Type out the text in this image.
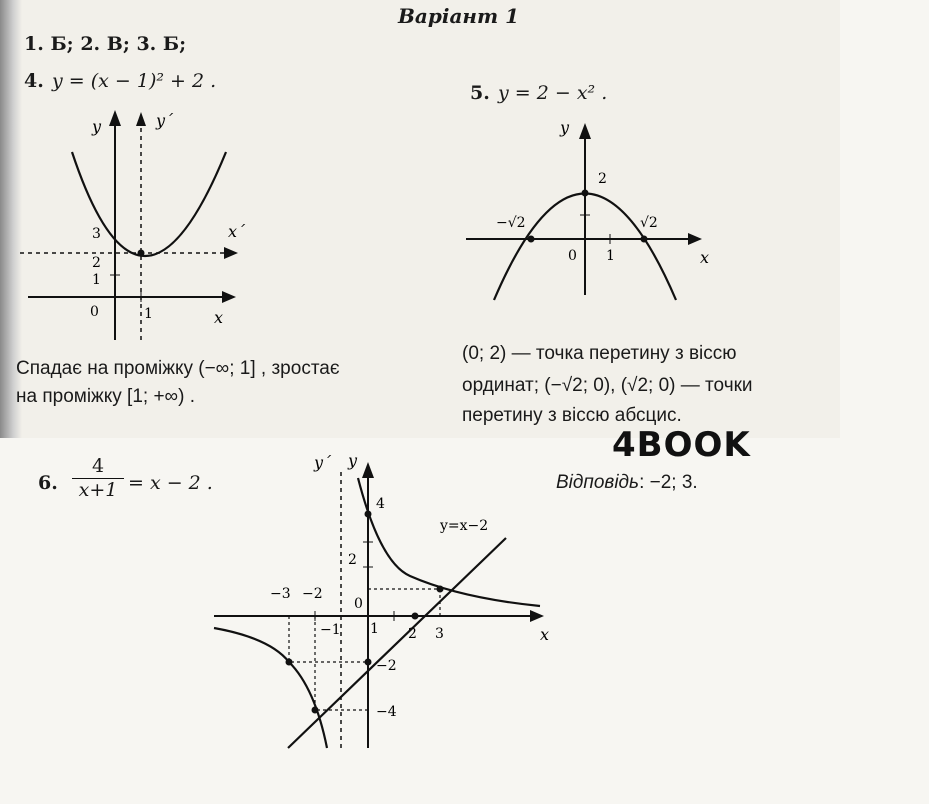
Варіант 1
1. Б; 2. В; 3. Б;
4. y = (x − 1)² + 2 .
y	y´
x
x´
0	1
1
2
3
Спадає на проміжку (−∞; 1] , зростає
на проміжку [1; +∞) .
5. y = 2 − x² .
y
x
0 1
2
−√2	√2
(0; 2) — точка перетину з віссю
ординат; (−√2; 0), (√2; 0) — точки
перетину з віссю абсцис.
4BOOK
6. $\frac{4}{x+1} = x - 2$ .	Відповідь: −2; 3.
y´ y
x
y=x−2
−3 −2
−1
0
1 2 3
4
2
−2
−4
